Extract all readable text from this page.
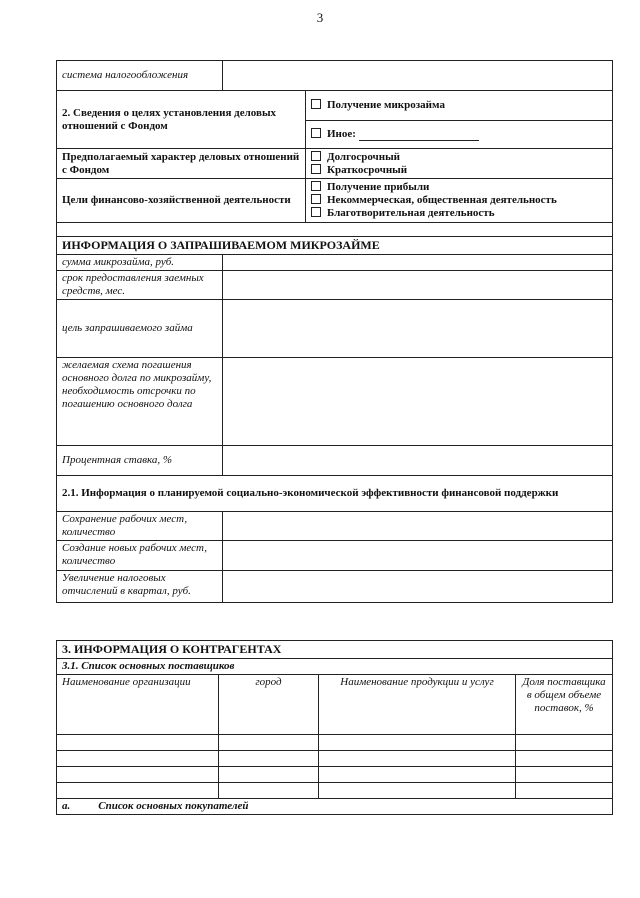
3
система налогообложения		
2. Сведения о целях установления деловых отношений с Фондом		Получение микрозайма
		Иное:
Предполагаемый характер деловых отношений с Фондом		Долгосрочный
Краткосрочный

Цели финансово-хозяйственной деятельности		Получение прибыли
Некоммерческая, общественная деятельность
Благотворительная деятельность

ИНФОРМАЦИЯ О ЗАПРАШИВАЕМОМ МИКРОЗАЙМЕ		
сумма микрозайма, руб.		
срок предоставления заемных средств, мес.		
цель запрашиваемого займа		
желаемая схема погашения основного долга по микрозайму, необходимость отсрочки по погашению основного долга		
Процентная ставка, %		
2.1. Информация о планируемой социально-экономической эффективности финансовой поддержки		
Сохранение рабочих мест, количество		
Создание новых рабочих мест, количество		
Увеличение налоговых отчислений в квартал, руб.		
3. ИНФОРМАЦИЯ О КОНТРАГЕНТАХ			
3.1. Список основных поставщиков			
Наименование организации	город	Наименование продукции и услуг	Доля поставщика в общем объеме поставок, %

a. Список основных покупателей			
